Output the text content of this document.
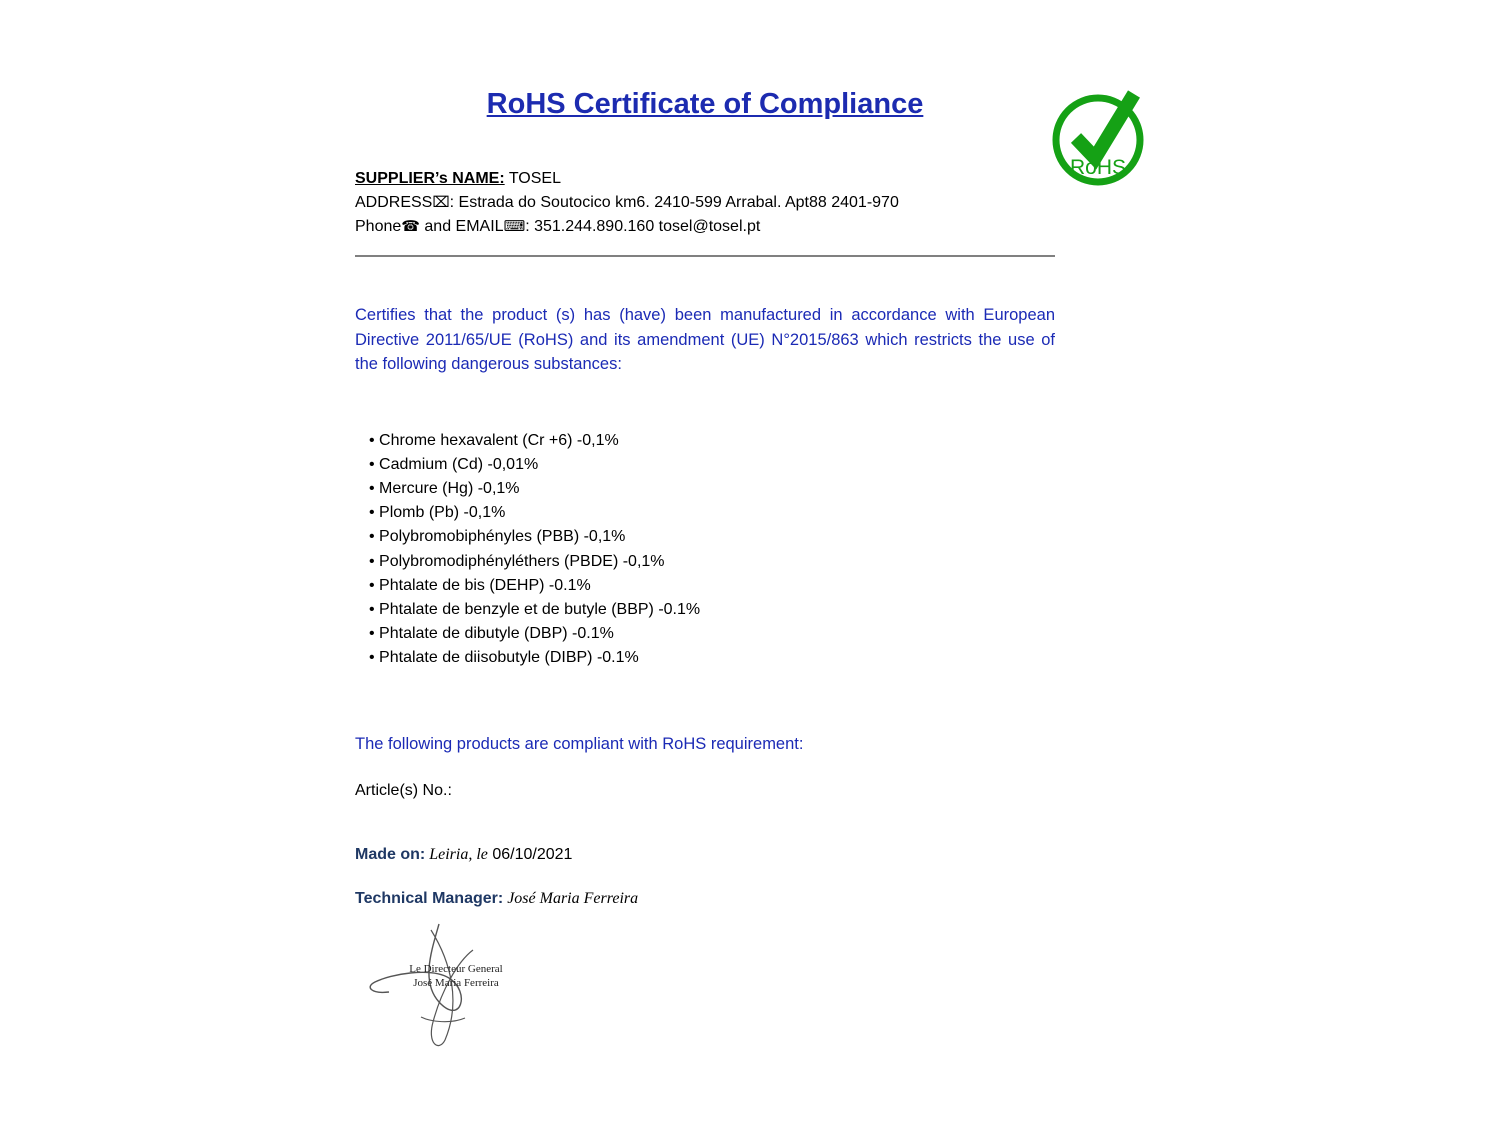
RoHS
RoHS Certificate of Compliance
SUPPLIER’s NAME: TOSEL
ADDRESS⌧: Estrada do Soutocico km6. 2410-599 Arrabal. Apt88 2401-970
Phone☎ and EMAIL⌨: 351.244.890.160 tosel@tosel.pt

Certifies that the product (s) has (have) been manufactured in accordance with European Directive 2011/65/UE (RoHS) and its amendment (UE) N°2015/863 which restricts the use of the following dangerous substances:

• Chrome hexavalent (Cr +6) -0,1%
• Cadmium (Cd) -0,01%
• Mercure (Hg) -0,1%
• Plomb (Pb) -0,1%
• Polybromobiphényles (PBB) -0,1%
• Polybromodiphényléthers (PBDE) -0,1%
• Phtalate de bis (DEHP) -0.1%
• Phtalate de benzyle et de butyle (BBP) -0.1%
• Phtalate de dibutyle (DBP) -0.1%
• Phtalate de diisobutyle (DIBP) -0.1%
The following products are compliant with RoHS requirement:
Article(s) No.:
Made on: Leiria, le 06/10/2021
Technical Manager: José Maria Ferreira
Le Directeur General
José Maria Ferreira
